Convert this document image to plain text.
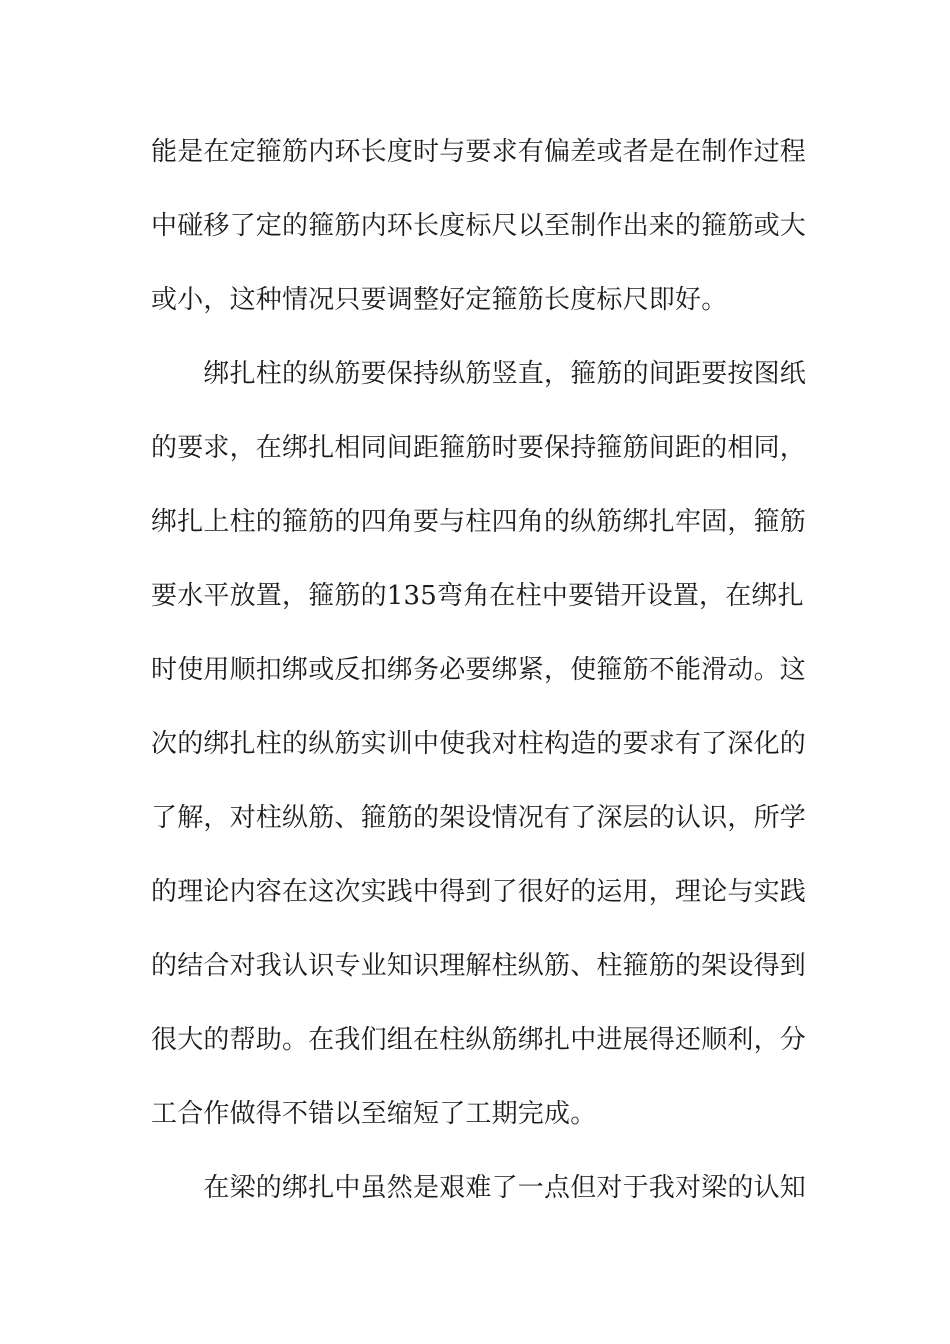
能是在定箍筋内环长度时与要求有偏差或者是在制作过程
中碰移了定的箍筋内环长度标尺以至制作出来的箍筋或大
或小，这种情况只要调整好定箍筋长度标尺即好。
　　绑扎柱的纵筋要保持纵筋竖直，箍筋的间距要按图纸
的要求，在绑扎相同间距箍筋时要保持箍筋间距的相同，
绑扎上柱的箍筋的四角要与柱四角的纵筋绑扎牢固，箍筋
要水平放置，箍筋的135弯角在柱中要错开设置，在绑扎
时使用顺扣绑或反扣绑务必要绑紧，使箍筋不能滑动。这
次的绑扎柱的纵筋实训中使我对柱构造的要求有了深化的
了解，对柱纵筋、箍筋的架设情况有了深层的认识，所学
的理论内容在这次实践中得到了很好的运用，理论与实践
的结合对我认识专业知识理解柱纵筋、柱箍筋的架设得到
很大的帮助。在我们组在柱纵筋绑扎中进展得还顺利，分
工合作做得不错以至缩短了工期完成。
　　在梁的绑扎中虽然是艰难了一点但对于我对梁的认知
